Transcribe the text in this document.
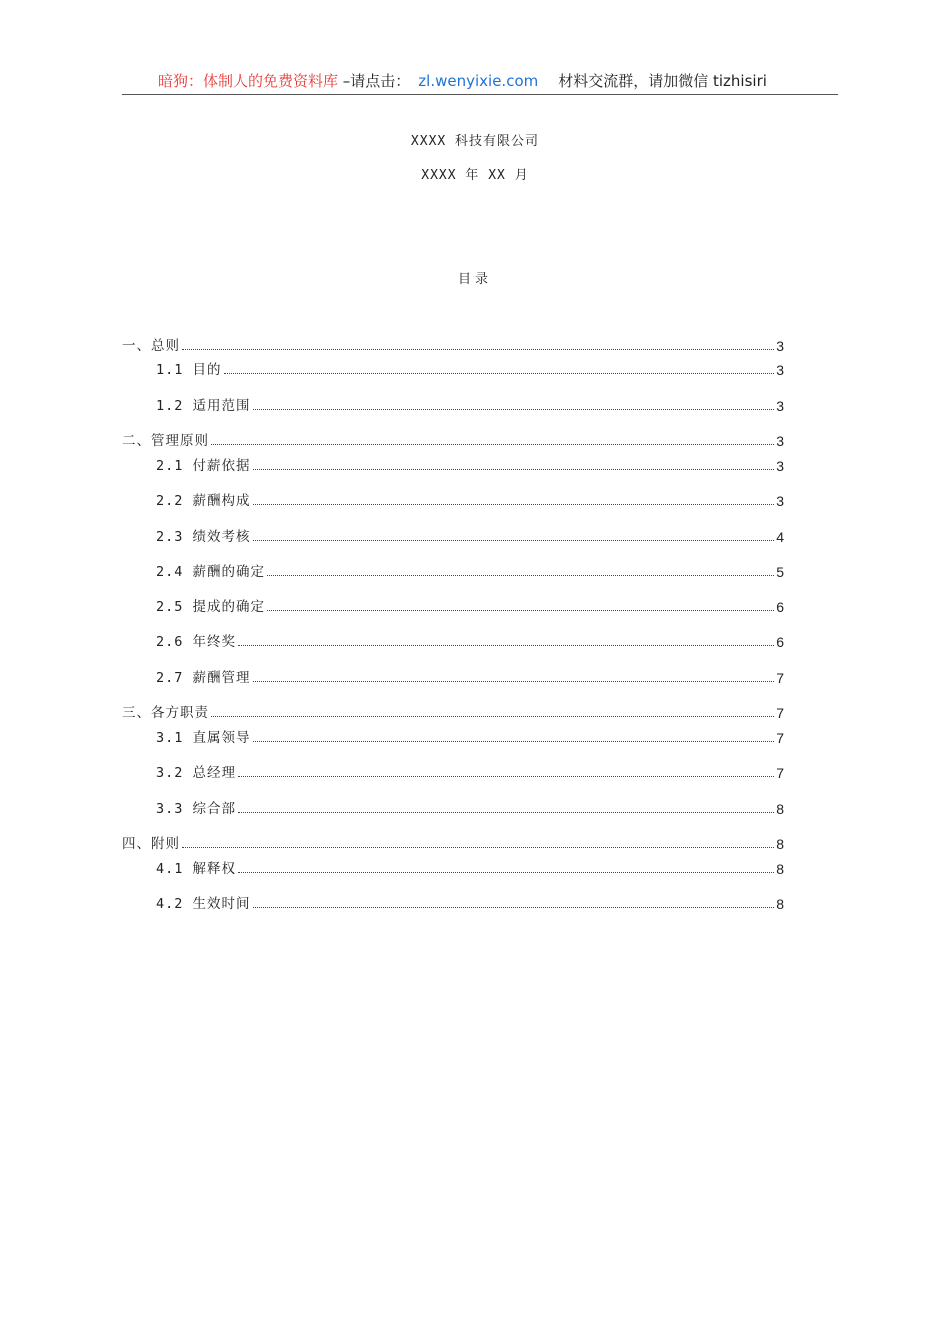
暗狗：体制人的免费资料库 –请点击： zl.wenyixie.com 材料交流群，请加微信 tizhisiri
XXXX 科技有限公司
XXXX 年 XX 月
目录
一、总则	3
1.1 目的	3
1.2 适用范围	3
二、管理原则	3
2.1 付薪依据	3
2.2 薪酬构成	3
2.3 绩效考核	4
2.4 薪酬的确定	5
2.5 提成的确定	6
2.6 年终奖	6
2.7 薪酬管理	7
三、各方职责	7
3.1 直属领导	7
3.2 总经理	7
3.3 综合部	8
四、附则	8
4.1 解释权	8
4.2 生效时间	8
